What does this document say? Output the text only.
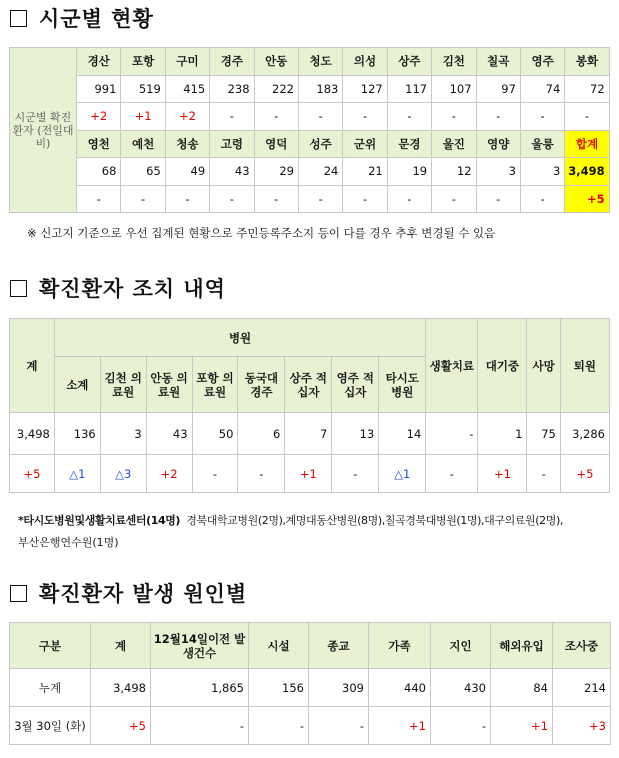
시군별 현황
시군별 확진환자 (전일대비)	경산	포항	구미	경주	안동	청도	의성	상주	김천	칠곡	영주	봉화
	991	519	415	238	222	183	127	117	107	97	74	72
	+2	+1	+2	-	-	-	-	-	-	-	-	-
	영천	예천	청송	고령	영덕	성주	군위	문경	울진	영양	울릉	합계
	68	65	49	43	29	24	21	19	12	3	3	3,498
	-	-	-	-	-	-	-	-	-	-	-	+5
※ 신고지 기준으로 우선 집계된 현황으로 주민등록주소지 등이 다를 경우 추후 변경될 수 있음
확진환자 조치 내역
계	병원								생활치료	대기중	사망	퇴원
	소계	김천 의료원	안동 의료원	포항 의료원	동국대 경주	상주 적십자	영주 적십자	타시도 병원				
3,498	136	3	43	50	6	7	13	14	-	1	75	3,286
+5	△1	△3	+2	-	-	+1	-	△1	-	+1	-	+5
*타시도병원및생활치료센터(14명) 경북대학교병원(2명),계명대동산병원(8명),칠곡경북대병원(1명),대구의료원(2명),
부산은행연수원(1명)
확진환자 발생 원인별
구분	계	12월14일이전 발생건수	시설	종교	가족	지인	해외유입	조사중
누계	3,498	1,865	156	309	440	430	84	214
3월 30일 (화)	+5	-	-	-	+1	-	+1	+3
